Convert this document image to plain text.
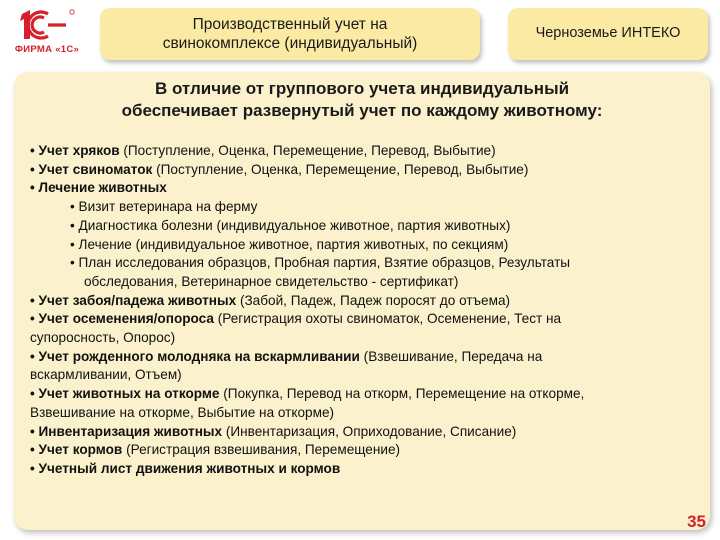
ФИРМА «1С»
Производственный учет на
свинокомплексе (индивидуальный)
Черноземье ИНТЕКО
В отличие от группового учета индивидуальный
обеспечивает развернутый учет по каждому животному:

• Учет хряков (Поступление, Оценка, Перемещение, Перевод, Выбытие)

• Учет свиноматок (Поступление, Оценка, Перемещение, Перевод, Выбытие)

• Лечение животных

• Визит ветеринара на ферму

• Диагностика болезни (индивидуальное животное, партия животных)

• Лечение (индивидуальное животное, партия животных, по секциям)

• План исследования образцов, Пробная партия, Взятие образцов, Результаты

обследования, Ветеринарное свидетельство - сертификат)

• Учет забоя/падежа животных (Забой, Падеж, Падеж поросят до отъема)

• Учет осеменения/опороса (Регистрация охоты свиноматок, Осеменение, Тест на

супоросность, Опорос)

• Учет рожденного молодняка на вскармливании (Взвешивание, Передача на

вскармливании, Отъем)

• Учет животных на откорме (Покупка, Перевод на откорм, Перемещение на откорме,

Взвешивание на откорме, Выбытие на откорме)

• Инвентаризация животных (Инвентаризация, Оприходование, Списание)

• Учет кормов (Регистрация взвешивания, Перемещение)

• Учетный лист движения животных и кормов

35
